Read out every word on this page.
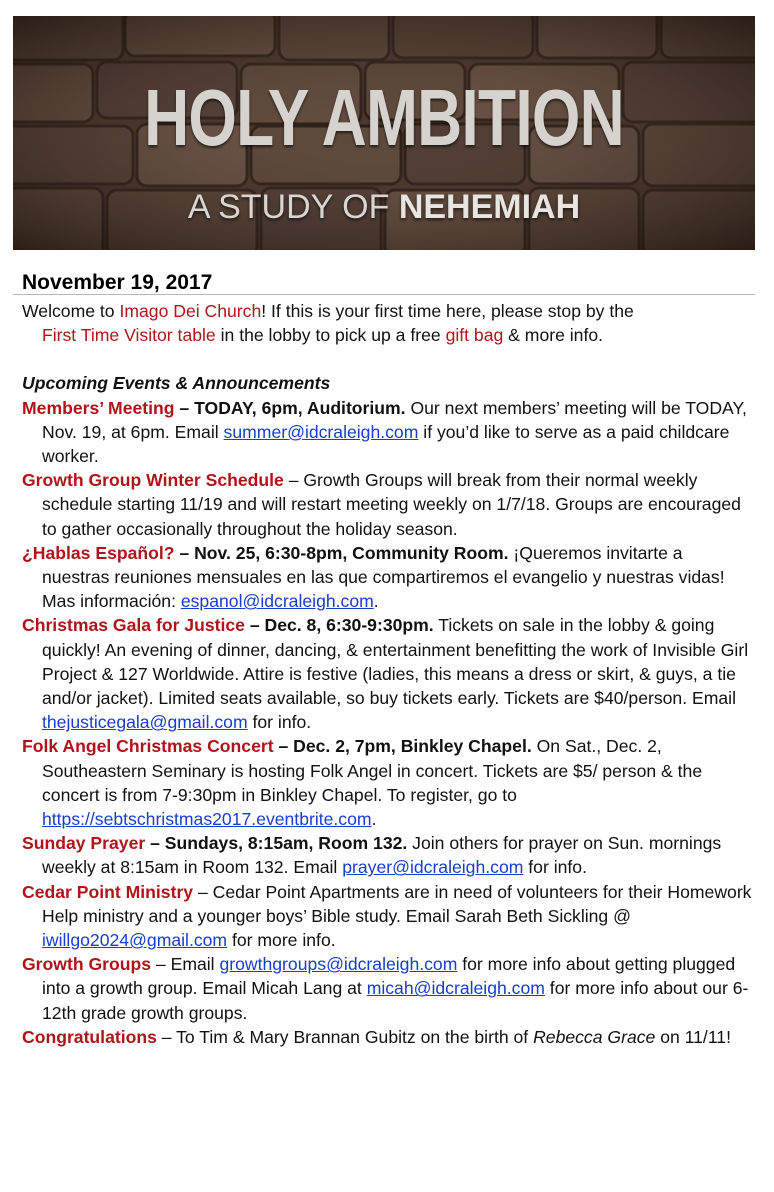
HOLY AMBITION
A STUDY OF NEHEMIAH
November 19, 2017

Welcome to Imago Dei Church! If this is your first time here, please stop by the
First Time Visitor table in the lobby to pick up a free gift bag & more info.

Upcoming Events & Announcements

Members’ Meeting – TODAY, 6pm, Auditorium. Our next members’ meeting will be TODAY, Nov. 19, at 6pm. Email summer@idcraleigh.com if you’d like to serve as a paid childcare worker.

Growth Group Winter Schedule – Growth Groups will break from their normal weekly schedule starting 11/19 and will restart meeting weekly on 1/7/18. Groups are encouraged to gather occasionally throughout the holiday season.

¿Hablas Español? – Nov. 25, 6:30-8pm, Community Room. ¡Queremos invitarte a nuestras reuniones mensuales en las que compartiremos el evangelio y nuestras vidas! Mas información: espanol@idcraleigh.com.

Christmas Gala for Justice – Dec. 8, 6:30-9:30pm. Tickets on sale in the lobby & going quickly! An evening of dinner, dancing, & entertainment benefitting the work of Invisible Girl Project & 127 Worldwide. Attire is festive (ladies, this means a dress or skirt, & guys, a tie and/or jacket). Limited seats available, so buy tickets early. Tickets are $40/person. Email thejusticegala@gmail.com for info.

Folk Angel Christmas Concert – Dec. 2, 7pm, Binkley Chapel. On Sat., Dec. 2, Southeastern Seminary is hosting Folk Angel in concert. Tickets are $5/ person & the concert is from 7-9:30pm in Binkley Chapel. To register, go to https://sebtschristmas2017.eventbrite.com.

Sunday Prayer – Sundays, 8:15am, Room 132. Join others for prayer on Sun. mornings weekly at 8:15am in Room 132. Email prayer@idcraleigh.com for info.

Cedar Point Ministry – Cedar Point Apartments are in need of volunteers for their Homework Help ministry and a younger boys’ Bible study. Email Sarah Beth Sickling @ iwillgo2024@gmail.com for more info.

Growth Groups – Email growthgroups@idcraleigh.com for more info about getting plugged into a growth group. Email Micah Lang at micah@idcraleigh.com for more info about our 6-12th grade growth groups.

Congratulations – To Tim & Mary Brannan Gubitz on the birth of Rebecca Grace on 11/11!
